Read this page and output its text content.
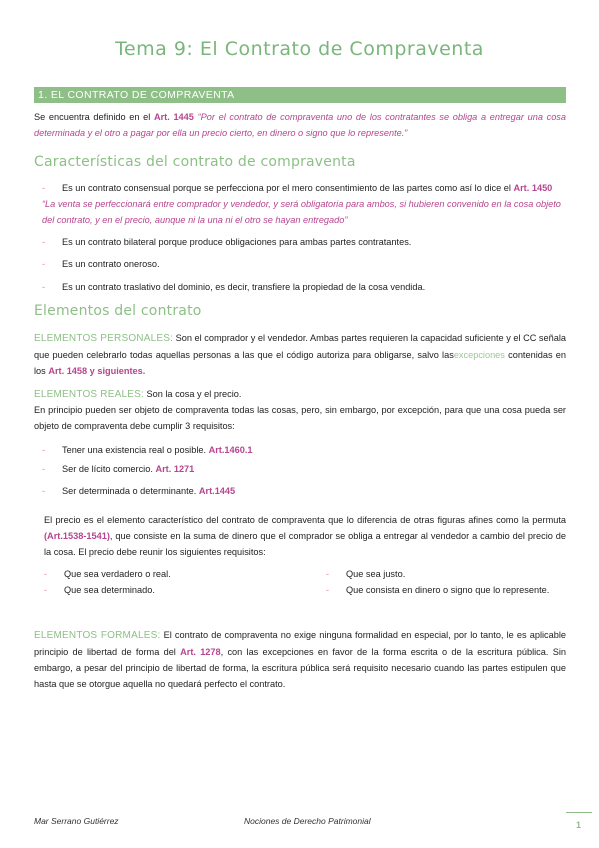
Tema 9: El Contrato de Compraventa
1. EL CONTRATO DE COMPRAVENTA

Se encuentra definido en el Art. 1445 “Por el contrato de compraventa uno de los contratantes se obliga a entregar una cosa determinada y el otro a pagar por ella un precio cierto, en dinero o signo que lo represente.”

Características del contrato de compraventa
- Es un contrato consensual porque se perfecciona por el mero consentimiento de las partes como así lo dice el Art. 1450 “La venta se perfeccionará entre comprador y vendedor, y será obligatoria para ambos, si hubieren convenido en la cosa objeto del contrato, y en el precio, aunque ni la una ni el otro se hayan entregado”
- Es un contrato bilateral porque produce obligaciones para ambas partes contratantes.
- Es un contrato oneroso.
- Es un contrato traslativo del dominio, es decir, transfiere la propiedad de la cosa vendida.
Elementos del contrato

ELEMENTOS PERSONALES: Son el comprador y el vendedor. Ambas partes requieren la capacidad suficiente y el CC señala que pueden celebrarlo todas aquellas personas a las que el código autoriza para obligarse, salvo lasexcepciones contenidas en los Art. 1458 y siguientes.

ELEMENTOS REALES: Son la cosa y el precio.

En principio pueden ser objeto de compraventa todas las cosas, pero, sin embargo, por excepción, para que una cosa pueda ser objeto de compraventa debe cumplir 3 requisitos:

- Tener una existencia real o posible. Art.1460.1
- Ser de lícito comercio. Art. 1271
- Ser determinada o determinante. Art.1445

El precio es el elemento característico del contrato de compraventa que lo diferencia de otras figuras afines como la permuta (Art.1538-1541), que consiste en la suma de dinero que el comprador se obliga a entregar al vendedor a cambio del precio de la cosa. El precio debe reunir los siguientes requisitos:

- Que sea verdadero o real.
- Que sea determinado.
- Que sea justo.
- Que consista en dinero o signo que lo represente.

ELEMENTOS FORMALES: El contrato de compraventa no exige ninguna formalidad en especial, por lo tanto, le es aplicable principio de libertad de forma del Art. 1278, con las excepciones en favor de la forma escrita o de la escritura pública. Sin embargo, a pesar del principio de libertad de forma, la escritura pública será requisito necesario cuando las partes estipulen que hasta que se otorgue aquella no quedará perfecto el contrato.

Mar Serrano Gutiérrez	Nociones de Derecho Patrimonial	1
